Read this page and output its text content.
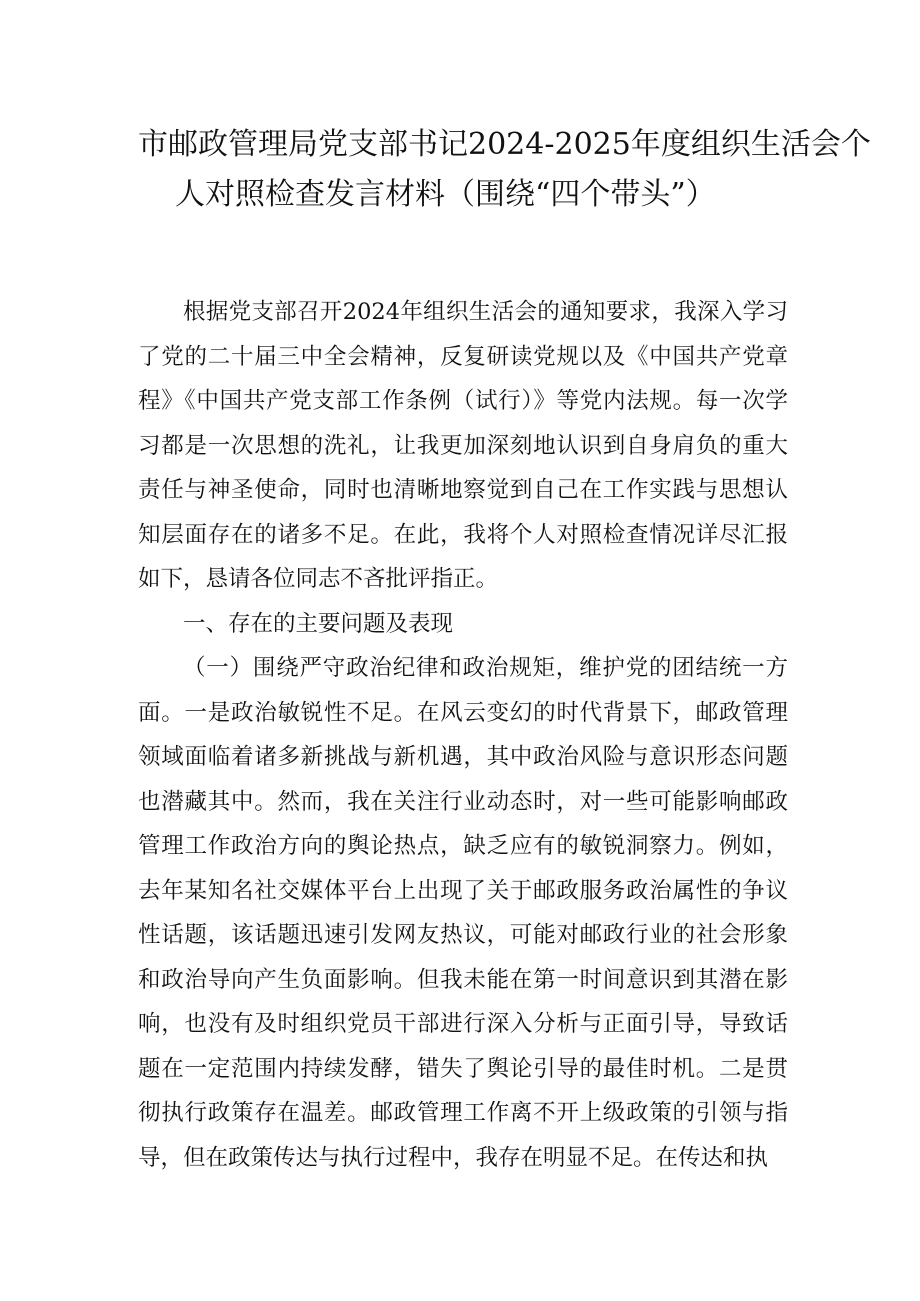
市邮政管理局党支部书记2024-2025年度组织生活会个
人对照检查发言材料（围绕“四个带头”）

根据党支部召开2024年组织生活会的通知要求，我深入学习了党的二十届三中全会精神，反复研读党规以及《中国共产党章程》《中国共产党支部工作条例（试行）》等党内法规。每一次学习都是一次思想的洗礼，让我更加深刻地认识到自身肩负的重大责任与神圣使命，同时也清晰地察觉到自己在工作实践与思想认知层面存在的诸多不足。在此，我将个人对照检查情况详尽汇报如下，恳请各位同志不吝批评指正。

一、存在的主要问题及表现

（一）围绕严守政治纪律和政治规矩，维护党的团结统一方面。一是政治敏锐性不足。在风云变幻的时代背景下，邮政管理领域面临着诸多新挑战与新机遇，其中政治风险与意识形态问题也潜藏其中。然而，我在关注行业动态时，对一些可能影响邮政管理工作政治方向的舆论热点，缺乏应有的敏锐洞察力。例如，去年某知名社交媒体平台上出现了关于邮政服务政治属性的争议性话题，该话题迅速引发网友热议，可能对邮政行业的社会形象和政治导向产生负面影响。但我未能在第一时间意识到其潜在影响，也没有及时组织党员干部进行深入分析与正面引导，导致话题在一定范围内持续发酵，错失了舆论引导的最佳时机。二是贯彻执行政策存在温差。邮政管理工作离不开上级政策的引领与指导，但在政策传达与执行过程中，我存在明显不足。在传达和执
